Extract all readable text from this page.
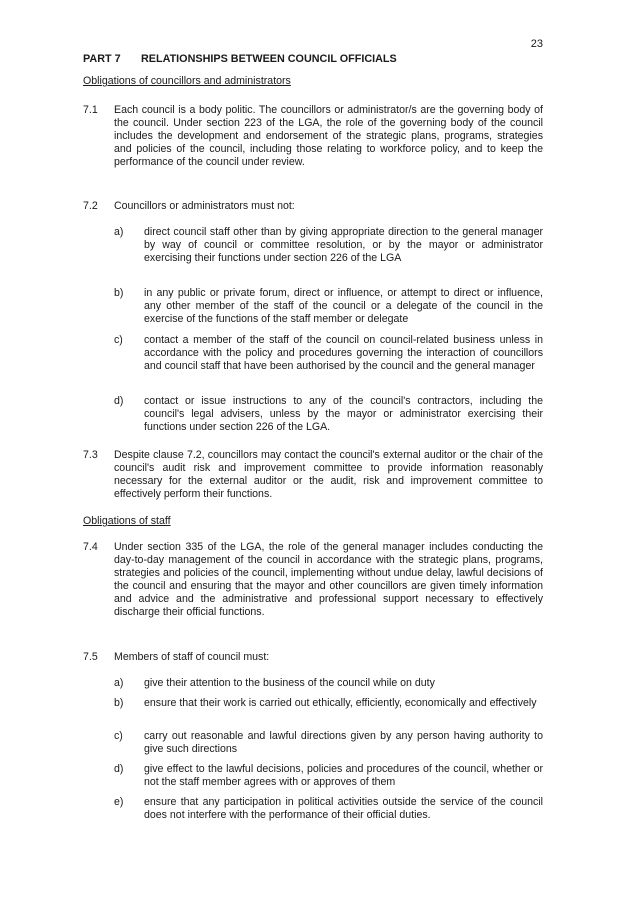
23
PART 7 RELATIONSHIPS BETWEEN COUNCIL OFFICIALS
Obligations of councillors and administrators
7.1 Each council is a body politic. The councillors or administrator/s are the governing body of the council. Under section 223 of the LGA, the role of the governing body of the council includes the development and endorsement of the strategic plans, programs, strategies and policies of the council, including those relating to workforce policy, and to keep the performance of the council under review.
7.2 Councillors or administrators must not:
a) direct council staff other than by giving appropriate direction to the general manager by way of council or committee resolution, or by the mayor or administrator exercising their functions under section 226 of the LGA
b) in any public or private forum, direct or influence, or attempt to direct or influence, any other member of the staff of the council or a delegate of the council in the exercise of the functions of the staff member or delegate
c) contact a member of the staff of the council on council-related business unless in accordance with the policy and procedures governing the interaction of councillors and council staff that have been authorised by the council and the general manager
d) contact or issue instructions to any of the council's contractors, including the council's legal advisers, unless by the mayor or administrator exercising their functions under section 226 of the LGA.
7.3 Despite clause 7.2, councillors may contact the council's external auditor or the chair of the council's audit risk and improvement committee to provide information reasonably necessary for the external auditor or the audit, risk and improvement committee to effectively perform their functions.
Obligations of staff
7.4 Under section 335 of the LGA, the role of the general manager includes conducting the day-to-day management of the council in accordance with the strategic plans, programs, strategies and policies of the council, implementing without undue delay, lawful decisions of the council and ensuring that the mayor and other councillors are given timely information and advice and the administrative and professional support necessary to effectively discharge their official functions.
7.5 Members of staff of council must:
a) give their attention to the business of the council while on duty
b) ensure that their work is carried out ethically, efficiently, economically and effectively
c) carry out reasonable and lawful directions given by any person having authority to give such directions
d) give effect to the lawful decisions, policies and procedures of the council, whether or not the staff member agrees with or approves of them
e) ensure that any participation in political activities outside the service of the council does not interfere with the performance of their official duties.
